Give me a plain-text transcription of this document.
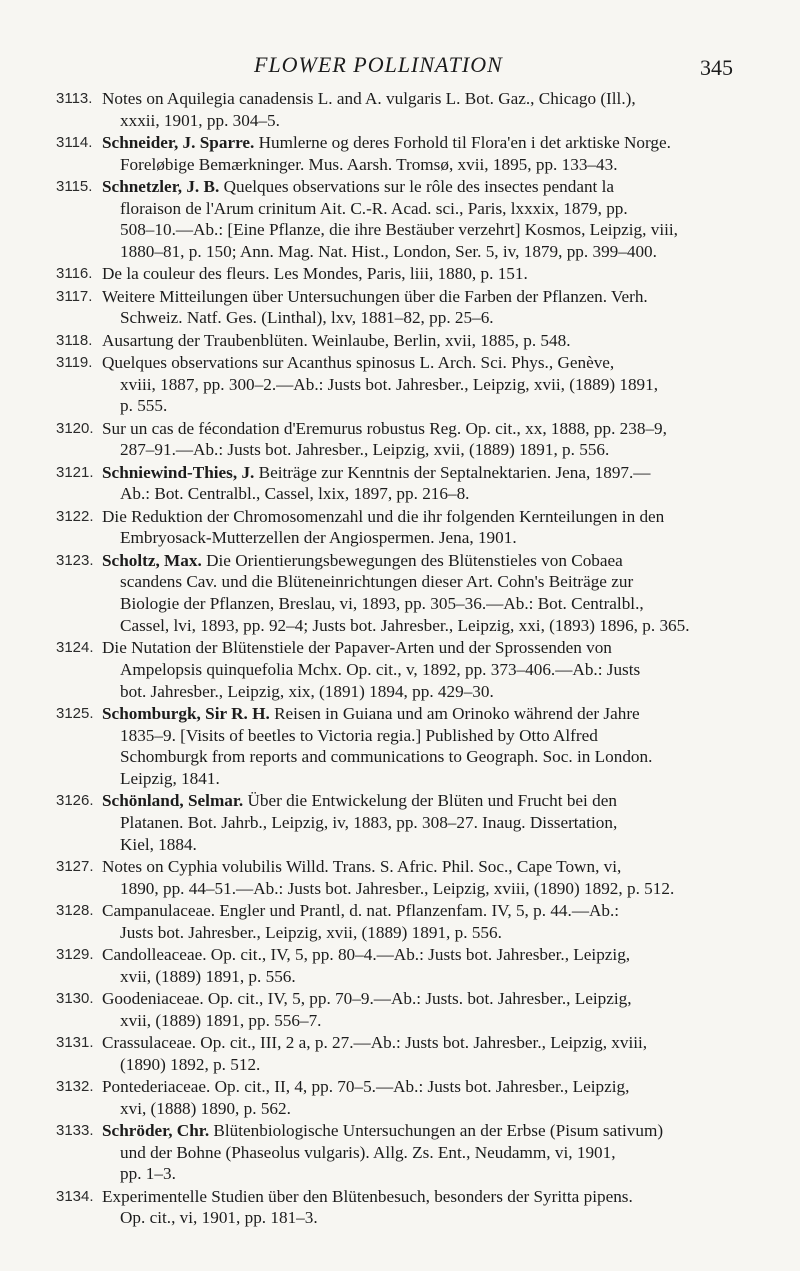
FLOWER POLLINATION	345
3113. Notes on Aquilegia canadensis L. and A. vulgaris L. Bot. Gaz., Chicago (Ill.),
xxxii, 1901, pp. 304–5.
3114. Schneider, J. Sparre. Humlerne og deres Forhold til Flora'en i det arktiske Norge.
Foreløbige Bemærkninger. Mus. Aarsh. Tromsø, xvii, 1895, pp. 133–43.
3115. Schnetzler, J. B. Quelques observations sur le rôle des insectes pendant la
floraison de l'Arum crinitum Ait. C.-R. Acad. sci., Paris, lxxxix, 1879, pp.
508–10.—Ab.: [Eine Pflanze, die ihre Bestäuber verzehrt] Kosmos, Leipzig, viii,
1880–81, p. 150; Ann. Mag. Nat. Hist., London, Ser. 5, iv, 1879, pp. 399–400.
3116. De la couleur des fleurs. Les Mondes, Paris, liii, 1880, p. 151.
3117. Weitere Mitteilungen über Untersuchungen über die Farben der Pflanzen. Verh.
Schweiz. Natf. Ges. (Linthal), lxv, 1881–82, pp. 25–6.
3118. Ausartung der Traubenblüten. Weinlaube, Berlin, xvii, 1885, p. 548.
3119. Quelques observations sur Acanthus spinosus L. Arch. Sci. Phys., Genève,
xviii, 1887, pp. 300–2.—Ab.: Justs bot. Jahresber., Leipzig, xvii, (1889) 1891,
p. 555.
3120. Sur un cas de fécondation d'Eremurus robustus Reg. Op. cit., xx, 1888, pp. 238–9,
287–91.—Ab.: Justs bot. Jahresber., Leipzig, xvii, (1889) 1891, p. 556.
3121. Schniewind-Thies, J. Beiträge zur Kenntnis der Septalnektarien. Jena, 1897.—
Ab.: Bot. Centralbl., Cassel, lxix, 1897, pp. 216–8.
3122. Die Reduktion der Chromosomenzahl und die ihr folgenden Kernteilungen in den
Embryosack-Mutterzellen der Angiospermen. Jena, 1901.
3123. Scholtz, Max. Die Orientierungsbewegungen des Blütenstieles von Cobaea
scandens Cav. und die Blüteneinrichtungen dieser Art. Cohn's Beiträge zur
Biologie der Pflanzen, Breslau, vi, 1893, pp. 305–36.—Ab.: Bot. Centralbl.,
Cassel, lvi, 1893, pp. 92–4; Justs bot. Jahresber., Leipzig, xxi, (1893) 1896, p. 365.
3124. Die Nutation der Blütenstiele der Papaver-Arten und der Sprossenden von
Ampelopsis quinquefolia Mchx. Op. cit., v, 1892, pp. 373–406.—Ab.: Justs
bot. Jahresber., Leipzig, xix, (1891) 1894, pp. 429–30.
3125. Schomburgk, Sir R. H. Reisen in Guiana und am Orinoko während der Jahre
1835–9. [Visits of beetles to Victoria regia.] Published by Otto Alfred
Schomburgk from reports and communications to Geograph. Soc. in London.
Leipzig, 1841.
3126. Schönland, Selmar. Über die Entwickelung der Blüten und Frucht bei den
Platanen. Bot. Jahrb., Leipzig, iv, 1883, pp. 308–27. Inaug. Dissertation,
Kiel, 1884.
3127. Notes on Cyphia volubilis Willd. Trans. S. Afric. Phil. Soc., Cape Town, vi,
1890, pp. 44–51.—Ab.: Justs bot. Jahresber., Leipzig, xviii, (1890) 1892, p. 512.
3128. Campanulaceae. Engler und Prantl, d. nat. Pflanzenfam. IV, 5, p. 44.—Ab.:
Justs bot. Jahresber., Leipzig, xvii, (1889) 1891, p. 556.
3129. Candolleaceae. Op. cit., IV, 5, pp. 80–4.—Ab.: Justs bot. Jahresber., Leipzig,
xvii, (1889) 1891, p. 556.
3130. Goodeniaceae. Op. cit., IV, 5, pp. 70–9.—Ab.: Justs. bot. Jahresber., Leipzig,
xvii, (1889) 1891, pp. 556–7.
3131. Crassulaceae. Op. cit., III, 2 a, p. 27.—Ab.: Justs bot. Jahresber., Leipzig, xviii,
(1890) 1892, p. 512.
3132. Pontederiaceae. Op. cit., II, 4, pp. 70–5.—Ab.: Justs bot. Jahresber., Leipzig,
xvi, (1888) 1890, p. 562.
3133. Schröder, Chr. Blütenbiologische Untersuchungen an der Erbse (Pisum sativum)
und der Bohne (Phaseolus vulgaris). Allg. Zs. Ent., Neudamm, vi, 1901,
pp. 1–3.
3134. Experimentelle Studien über den Blütenbesuch, besonders der Syritta pipens.
Op. cit., vi, 1901, pp. 181–3.
